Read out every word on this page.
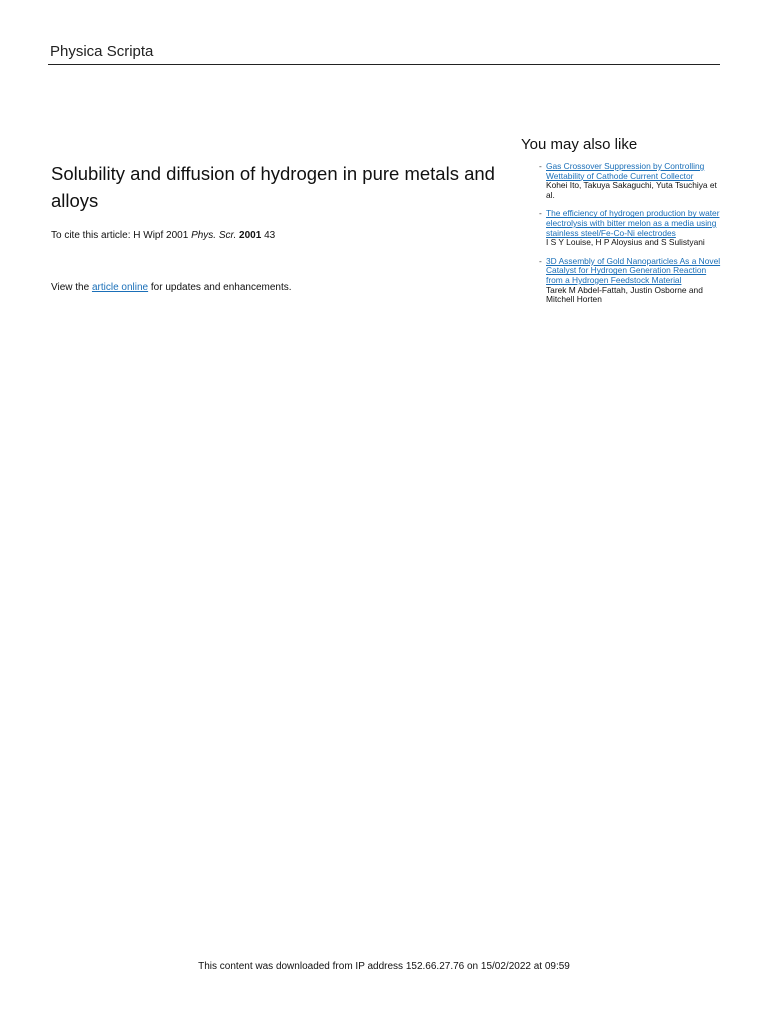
Physica Scripta
Solubility and diffusion of hydrogen in pure metals and alloys
To cite this article: H Wipf 2001 Phys. Scr. 2001 43
View the article online for updates and enhancements.
You may also like
- Gas Crossover Suppression by Controlling Wettability of Cathode Current Collector
Kohei Ito, Takuya Sakaguchi, Yuta Tsuchiya et al.
- The efficiency of hydrogen production by water electrolysis with bitter melon as a media using stainless steel/Fe-Co-Ni electrodes
I S Y Louise, H P Aloysius and S Sulistyani
- 3D Assembly of Gold Nanoparticles As a Novel Catalyst for Hydrogen Generation Reaction from a Hydrogen Feedstock Material
Tarek M Abdel-Fattah, Justin Osborne and Mitchell Horten
This content was downloaded from IP address 152.66.27.76 on 15/02/2022 at 09:59
